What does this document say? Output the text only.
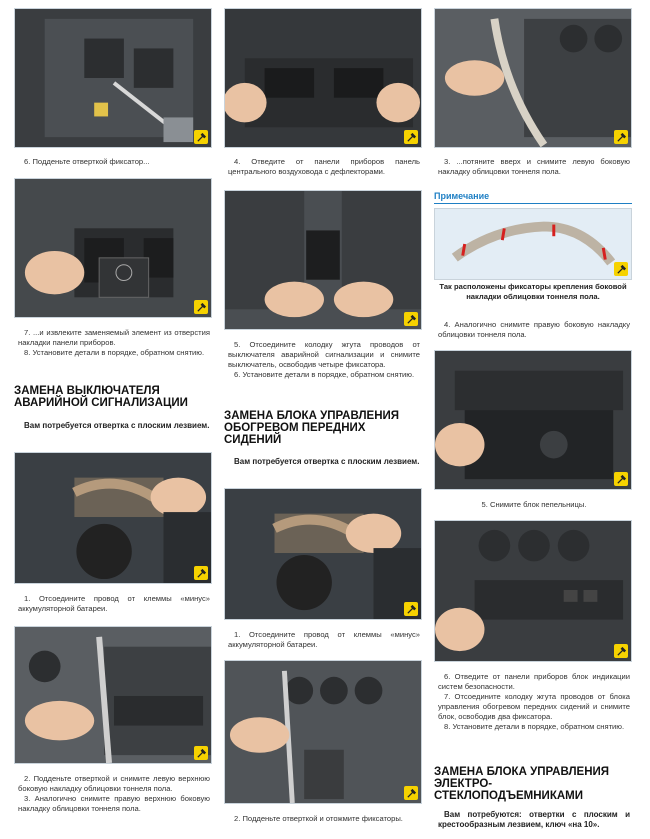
6. Подденьте отверткой фиксатор...

7. ...и извлеките заменяемый элемент из отверстия накладки панели приборов.

8. Установите детали в порядке, обратном снятию.

ЗАМЕНА ВЫКЛЮЧАТЕЛЯ АВАРИЙНОЙ СИГНАЛИЗАЦИИ
Вам потребуется отвертка с плоским лезвием.

1. Отсоедините провод от клеммы «минус» аккумуляторной батареи.

2. Подденьте отверткой и снимите левую верхнюю боковую накладку облицовки тоннеля пола.

3. Аналогично снимите правую верхнюю боковую накладку облицовки тоннеля пола.

4. Отведите от панели приборов панель центрального воздуховода с дефлекторами.

5. Отсоедините колодку жгута проводов от выключателя аварийной сигнализации и снимите выключатель, освободив четыре фиксатора.

6. Установите детали в порядке, обратном снятию.

ЗАМЕНА БЛОКА УПРАВЛЕНИЯ ОБОГРЕВОМ ПЕРЕДНИХ СИДЕНИЙ
Вам потребуется отвертка с плоским лезвием.

1. Отсоедините провод от клеммы «минус» аккумуляторной батареи.

2. Подденьте отверткой и отожмите фиксаторы.

3. ...потяните вверх и снимите левую боковую накладку облицовки тоннеля пола.

Примечание
Так расположены фиксаторы крепления боковой накладки облицовки тоннеля пола.

4. Аналогично снимите правую боковую накладку облицовки тоннеля пола.

5. Снимите блок пепельницы.

6. Отведите от панели приборов блок индикации систем безопасности.

7. Отсоедините колодку жгута проводов от блока управления обогревом передних сидений и снимите блок, освободив два фиксатора.

8. Установите детали в порядке, обратном снятию.

ЗАМЕНА БЛОКА УПРАВЛЕНИЯ ЭЛЕКТРО-СТЕКЛОПОДЪЕМНИКАМИ
Вам потребуются: отвертки с плоским и крестообразным лезвием, ключ «на 10».
